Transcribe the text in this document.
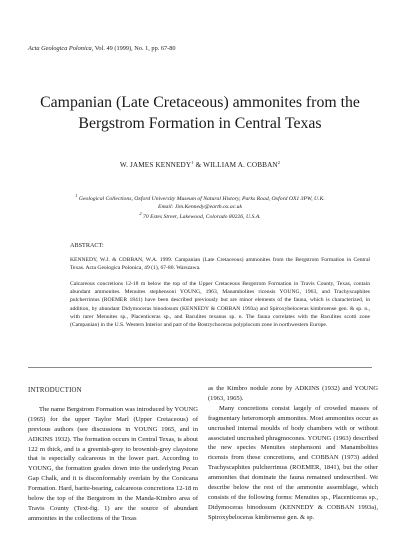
Acta Geologica Polonica, Vol. 49 (1999), No. 1, pp. 67-80
Campanian (Late Cretaceous) ammonites from the
Bergstrom Formation in Central Texas
W. JAMES KENNEDY$^1$ & WILLIAM A. COBBAN$^2$
$^1$ Geological Collections, Oxford University Museum of Natural History, Parks Road, Oxford OX1 3PW, U.K.
Email: Jim.Kennedy@earth.ox.ac.uk
$^2$ 70 Estes Street, Lakewood, Colorado 80226, U.S.A.
ABSTRACT:

KENNEDY, W.J. & COBBAN, W.A. 1999. Campanian (Late Cretaceous) ammonites from the Bergstrom Formation in Central Texas. Acta Geologica Polonica, 49 (1), 67-80. Warszawa.

Calcareous concretions 12-18 m below the top of the Upper Cretaceous Bergstrom Formation in Travis County, Texas, contain abundant ammonites. Menuites stephensoni YOUNG, 1963, Manambolites ricensis YOUNG, 1963, and Trachyscaphites pulcherrimus (ROEMER 1841) have been described previously but are minor elements of the fauna, which is characterized, in addition, by abundant Didymoceras binodosum (KENNEDY & COBBAN 1993a) and Spiroxybeloceras kimbroense gen. & sp. n., with rarer Menuites sp., Placenticeras sp., and Baculites texanus sp. n. The fauna correlates with the Baculites scotti zone (Campanian) in the U.S. Western Interior and part of the Bostrychoceras polyplocum zone in northwestern Europe.

INTRODUCTION

The name Bergstrom Formation was introduced by YOUNG (1965) for the upper Taylor Marl (Upper Cretaceous) of previous authors (see discussions in YOUNG 1965, and in ADKINS 1932). The formation occurs in Central Texas, is about 122 m thick, and is a greenish-grey to brownish-grey claystone that is especially calcareous in the lower part. According to YOUNG, the formation grades down into the underlying Pecan Gap Chalk, and it is disconformably overlain by the Corsicana Formation. Hard, barite-bearing, calcareous concretions 12-18 m below the top of the Bergstrom in the Manda-Kimbro area of Travis County (Text-fig. 1) are the source of abundant ammonites in the collections of the Texas

as the Kimbro nodule zone by ADKINS (1932) and YOUNG (1963, 1965).

Many concretions consist largely of crowded masses of fragmentary heteromorph ammonites. Most ammonites occur as uncrushed internal moulds of body chambers with or without associated uncrushed phragmocones. YOUNG (1963) described the new species Menuites stephensoni and Manambolites ricensis from these concretions, and COBBAN (1973) added Trachyscaphites pulcherrimus (ROEMER, 1841), but the other ammonites that dominate the fauna remained undescribed. We describe below the rest of the ammonite assemblage, which consists of the following forms: Menuites sp., Placenticeras sp., Didymoceras binodosum (KENNEDY & COBBAN 1993a), Spiroxybeloceras kimbroense gen. & sp.
